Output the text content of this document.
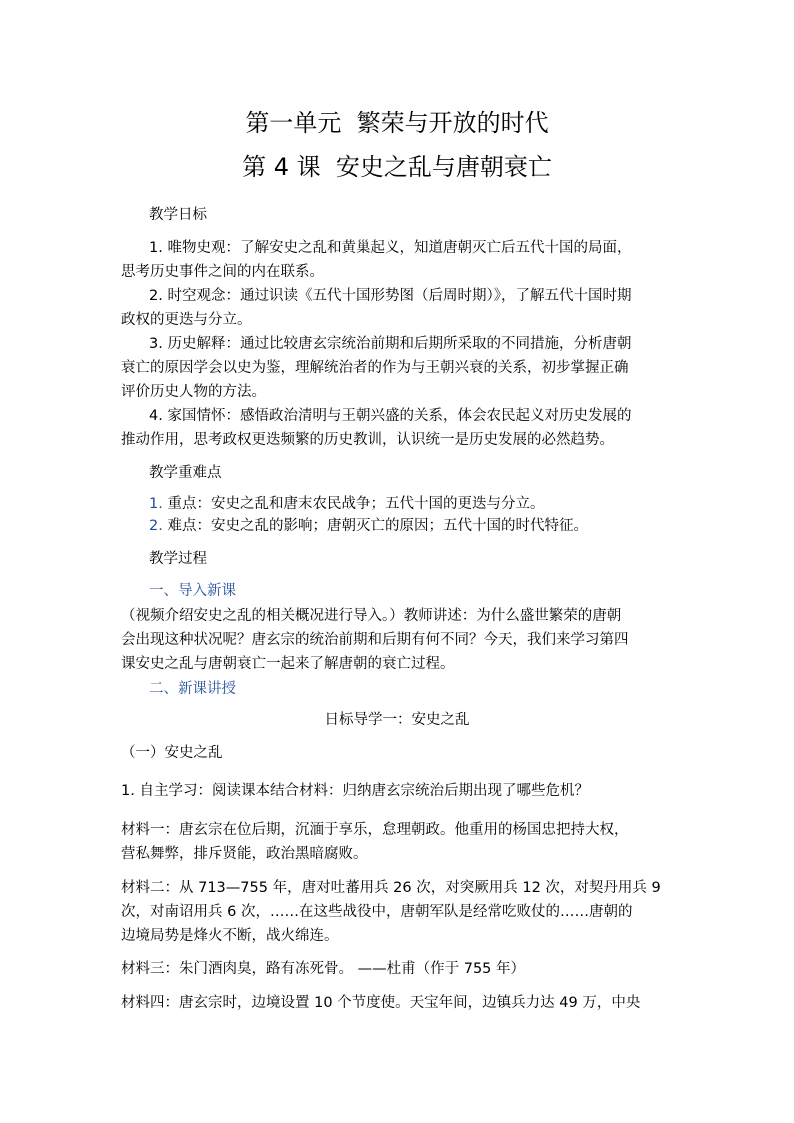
第一单元  繁荣与开放的时代
第 4 课  安史之乱与唐朝衰亡
教学日标
1. 唯物史观：了解安史之乱和黄巢起义，知道唐朝灭亡后五代十国的局面，
思考历史事件之间的内在联系。
2. 时空观念：通过识读《五代十国形势图（后周时期）》，了解五代十国时期
政权的更迭与分立。
3. 历史解释：通过比较唐玄宗统治前期和后期所采取的不同措施，分析唐朝
衰亡的原因学会以史为鉴，理解统治者的作为与王朝兴衰的关系，初步掌握正确
评价历史人物的方法。
4. 家国情怀：感悟政治清明与王朝兴盛的关系，体会农民起义对历史发展的
推动作用，思考政权更迭频繁的历史教训，认识统一是历史发展的必然趋势。
教学重难点
1. 重点：安史之乱和唐末农民战争；五代十国的更迭与分立。
2. 难点：安史之乱的影响；唐朝灭亡的原因；五代十国的时代特征。
教学过程
一、导入新课
（视频介绍安史之乱的相关概况进行导入。）教师讲述：为什么盛世繁荣的唐朝
会出现这种状况呢？唐玄宗的统治前期和后期有何不同？今天，我们来学习第四
课安史之乱与唐朝衰亡一起来了解唐朝的衰亡过程。
二、新课讲授
日标导学一：安史之乱
（一）安史之乱
1. 自主学习：阅读课本结合材料：归纳唐玄宗统治后期出现了哪些危机？
材料一：唐玄宗在位后期，沉湎于享乐，怠理朝政。他重用的杨国忠把持大权，
营私舞弊，排斥贤能，政治黑暗腐败。
材料二：从 713—755 年，唐对吐蕃用兵 26 次，对突厥用兵 12 次，对契丹用兵 9
次，对南诏用兵 6 次，……在这些战役中，唐朝军队是经常吃败仗的……唐朝的
边境局势是烽火不断，战火绵连。
材料三：朱门酒肉臭，路有冻死骨。 ——杜甫（作于 755 年）
材料四：唐玄宗时，边境设置 10 个节度使。天宝年间，边镇兵力达 49 万，中央
